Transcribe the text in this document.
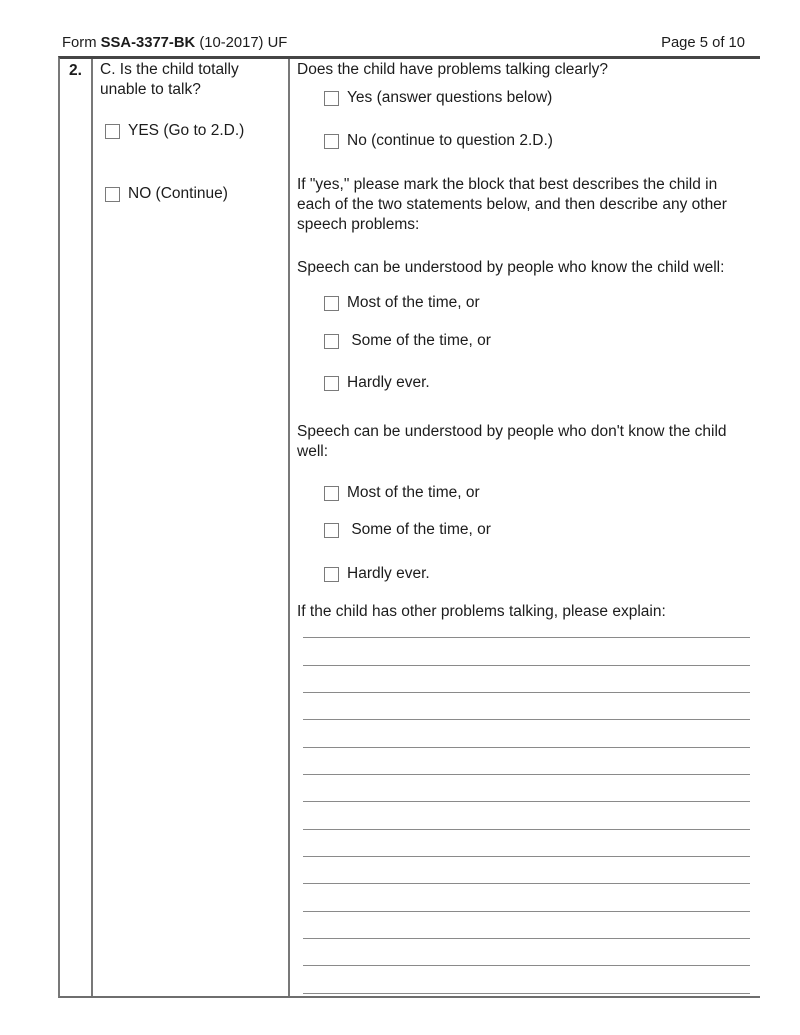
Form SSA-3377-BK (10-2017) UF	Page 5 of 10
2.	C. Is the child totally unable to talk?
YES (Go to 2.D.)
NO (Continue)
Does the child have problems talking clearly?
Yes (answer questions below)
No (continue to question 2.D.)
If "yes," please mark the block that best describes the child in each of the two statements below, and then describe any other speech problems:
Speech can be understood by people who know the child well:
Most of the time, or
Some of the time, or
Hardly ever.
Speech can be understood by people who don't know the child well:
Most of the time, or
Some of the time, or
Hardly ever.
If the child has other problems talking, please explain:
